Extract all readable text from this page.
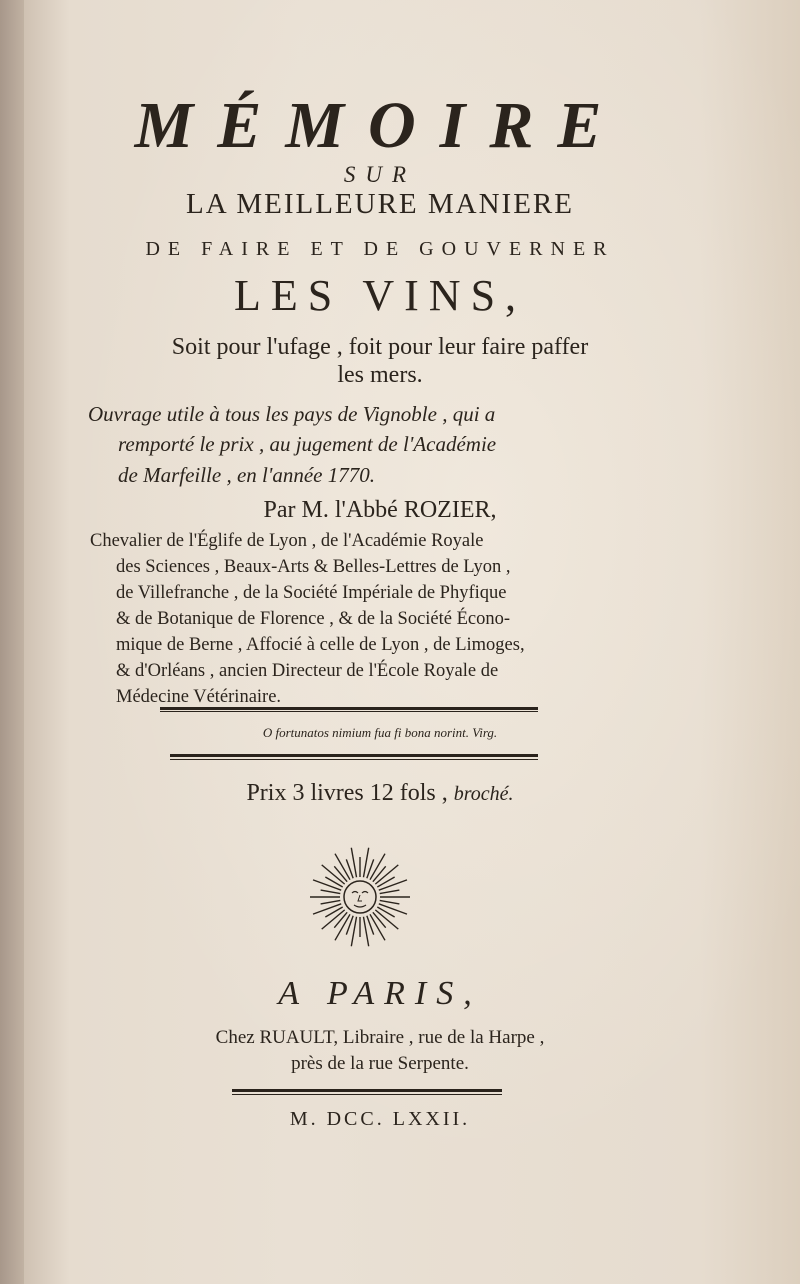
MÉMOIRE
SUR
LA MEILLEURE MANIERE
DE FAIRE ET DE GOUVERNER
LES VINS,
Soit pour l'ufage , foit pour leur faire paffer
les mers.
Ouvrage utile à tous les pays de Vignoble , qui a
remporté le prix , au jugement de l'Académie
de Marfeille , en l'année 1770.
Par M. l'Abbé ROZIER,
Chevalier de l'Églife de Lyon , de l'Académie Royale
des Sciences , Beaux-Arts & Belles-Lettres de Lyon ,
de Villefranche , de la Société Impériale de Phyfique
& de Botanique de Florence , & de la Société Écono-
mique de Berne , Affocié à celle de Lyon , de Limoges,
& d'Orléans , ancien Directeur de l'École Royale de
Médecine Vétérinaire.
O fortunatos nimium fua fi bona norint. Virg.
Prix 3 livres 12 fols , broché.
A PARIS,
Chez RUAULT, Libraire , rue de la Harpe ,
près de la rue Serpente.
M. DCC. LXXII.
